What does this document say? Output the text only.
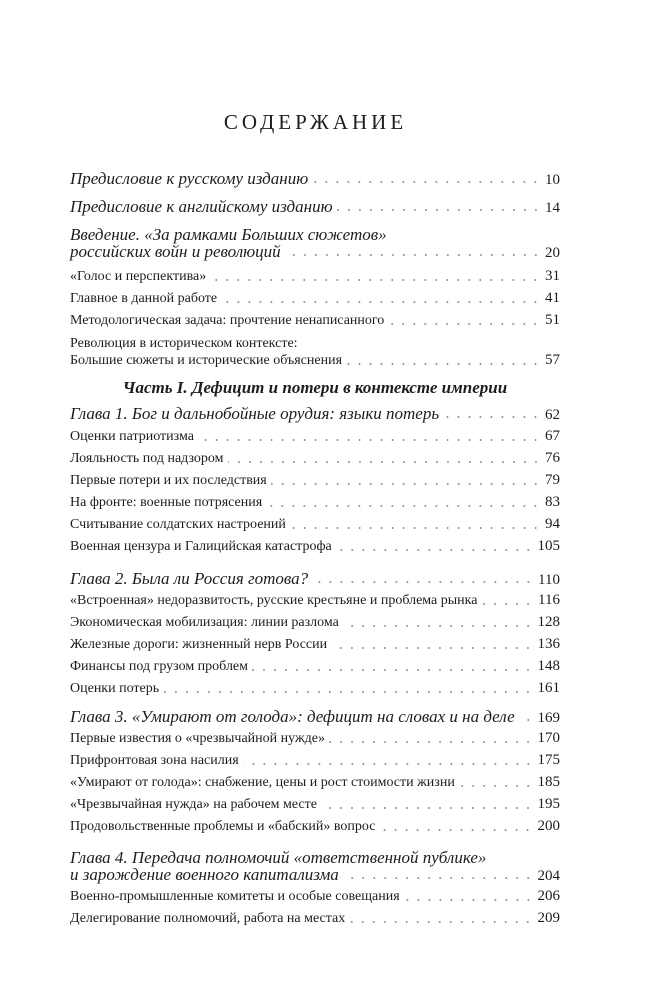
СОДЕРЖАНИЕ
Часть I. Дефицит и потери в контексте империи
Предисловие к русскому изданию	10
Предисловие к английскому изданию	14
Введение. «За рамками Больших сюжетов»
российских войн и революций	20
«Голос и перспектива»	31
Главное в данной работе	41
Методологическая задача: прочтение ненаписанного	51
Революция в историческом контексте:
Большие сюжеты и исторические объяснения	57
Глава 1. Бог и дальнобойные орудия: языки потерь	62
Оценки патриотизма	67
Лояльность под надзором	76
Первые потери и их последствия	79
На фронте: военные потрясения	83
Считывание солдатских настроений	94
Военная цензура и Галицийская катастрофа	105
Глава 2. Была ли Россия готова?	110
«Встроенная» недоразвитость, русские крестьяне и проблема рынка	116
Экономическая мобилизация: линии разлома	128
Железные дороги: жизненный нерв России	136
Финансы под грузом проблем	148
Оценки потерь	161
Глава 3. «Умирают от голода»: дефицит на словах и на деле 169
Первые известия о «чрезвычайной нужде»	170
Прифронтовая зона насилия	175
«Умирают от голода»: снабжение, цены и рост стоимости жизни	185
«Чрезвычайная нужда» на рабочем месте	195
Продовольственные проблемы и «бабский» вопрос	200
Глава 4. Передача полномочий «ответственной публике»
и зарождение военного капитализма	204
Военно-промышленные комитеты и особые совещания	206
Делегирование полномочий, работа на местах	209
